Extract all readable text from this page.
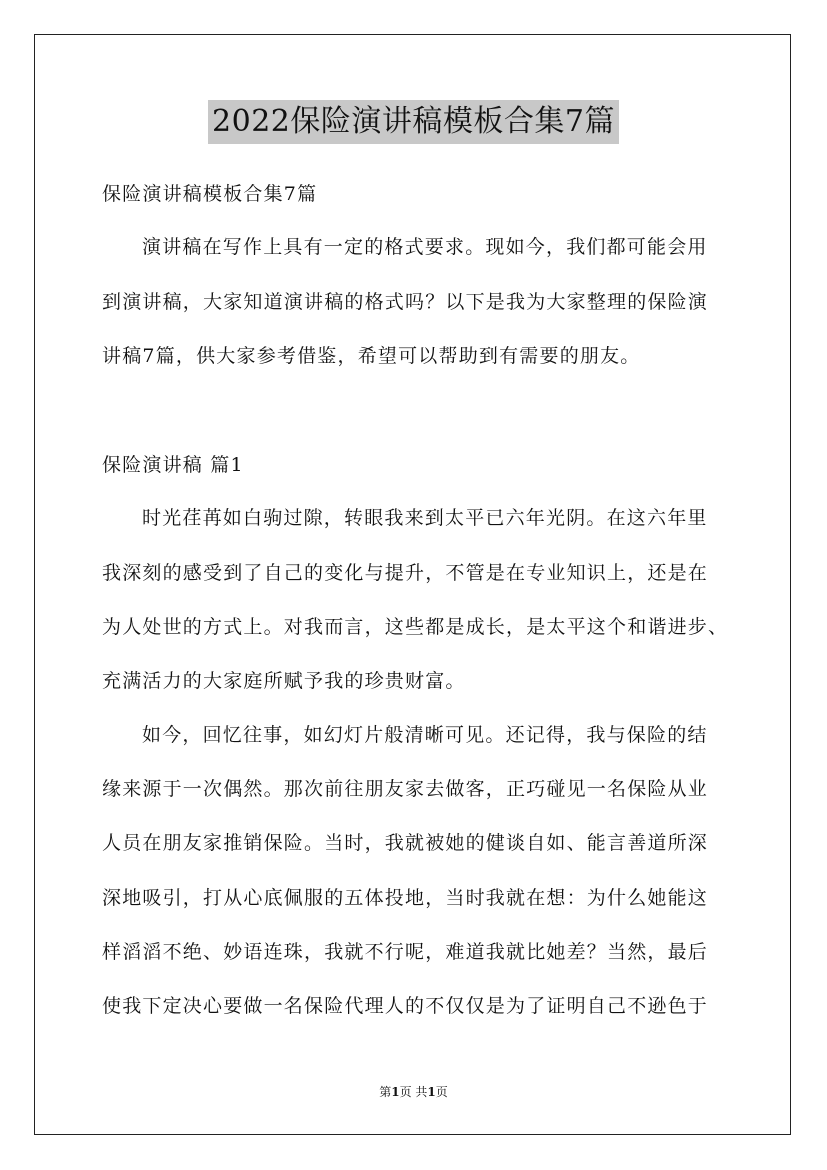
2022保险演讲稿模板合集7篇
保险演讲稿模板合集7篇
演讲稿在写作上具有一定的格式要求。现如今，我们都可能会用
到演讲稿，大家知道演讲稿的格式吗？以下是我为大家整理的保险演
讲稿7篇，供大家参考借鉴，希望可以帮助到有需要的朋友。
保险演讲稿 篇1
时光荏苒如白驹过隙，转眼我来到太平已六年光阴。在这六年里
我深刻的感受到了自己的变化与提升，不管是在专业知识上，还是在
为人处世的方式上。对我而言，这些都是成长，是太平这个和谐进步、
充满活力的大家庭所赋予我的珍贵财富。
如今，回忆往事，如幻灯片般清晰可见。还记得，我与保险的结
缘来源于一次偶然。那次前往朋友家去做客，正巧碰见一名保险从业
人员在朋友家推销保险。当时，我就被她的健谈自如、能言善道所深
深地吸引，打从心底佩服的五体投地，当时我就在想：为什么她能这
样滔滔不绝、妙语连珠，我就不行呢，难道我就比她差？当然，最后
使我下定决心要做一名保险代理人的不仅仅是为了证明自己不逊色于
第1页 共1页
